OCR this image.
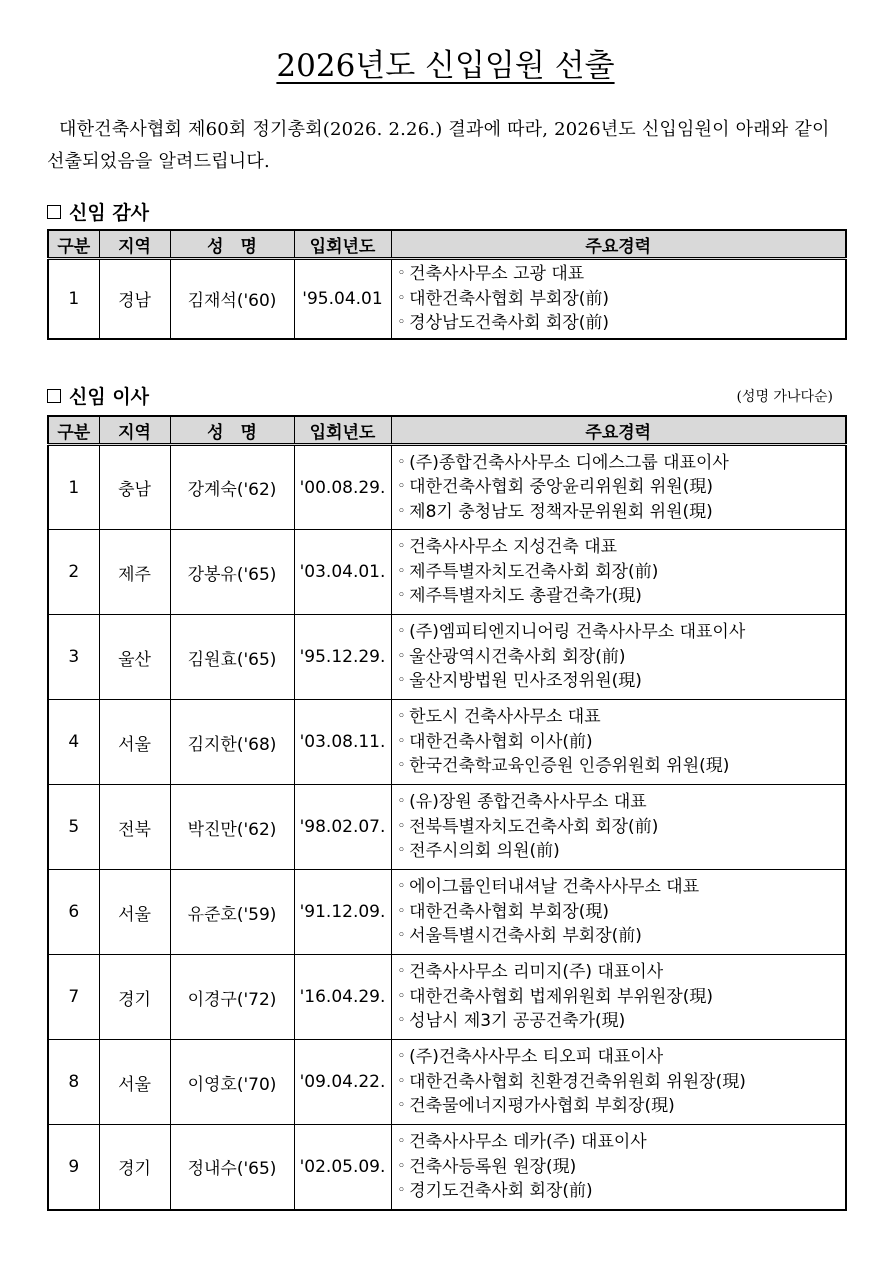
2026년도 신입임원 선출
대한건축사협회 제60회 정기총회(2026. 2.26.) 결과에 따라, 2026년도 신입임원이 아래와 같이 선출되었음을 알려드립니다.
신임 감사
구분	지역	성　명	입회년도	주요경력
1	경남	김재석('60)	'95.04.01	◦ 건축사사무소 고광 대표
◦ 대한건축사협회 부회장(前)
◦ 경상남도건축사회 회장(前)
신임 이사	(성명 가나다순)
구분	지역	성　명	입회년도	주요경력
1	충남	강계숙('62)	'00.08.29.	◦ (주)종합건축사사무소 디에스그룹 대표이사
◦ 대한건축사협회 중앙윤리위원회 위원(現)
◦ 제8기 충청남도 정책자문위원회 위원(現)

2	제주	강봉유('65)	'03.04.01.	◦ 건축사사무소 지성건축 대표
◦ 제주특별자치도건축사회 회장(前)
◦ 제주특별자치도 총괄건축가(現)

3	울산	김원효('65)	'95.12.29.	◦ (주)엠피티엔지니어링 건축사사무소 대표이사
◦ 울산광역시건축사회 회장(前)
◦ 울산지방법원 민사조정위원(現)

4	서울	김지한('68)	'03.08.11.	◦ 한도시 건축사사무소 대표
◦ 대한건축사협회 이사(前)
◦ 한국건축학교육인증원 인증위원회 위원(現)

5	전북	박진만('62)	'98.02.07.	◦ (유)장원 종합건축사사무소 대표
◦ 전북특별자치도건축사회 회장(前)
◦ 전주시의회 의원(前)

6	서울	유준호('59)	'91.12.09.	◦ 에이그룹인터내셔날 건축사사무소 대표
◦ 대한건축사협회 부회장(現)
◦ 서울특별시건축사회 부회장(前)

7	경기	이경구('72)	'16.04.29.	◦ 건축사사무소 리미지(주) 대표이사
◦ 대한건축사협회 법제위원회 부위원장(現)
◦ 성남시 제3기 공공건축가(現)

8	서울	이영호('70)	'09.04.22.	◦ (주)건축사사무소 티오피 대표이사
◦ 대한건축사협회 친환경건축위원회 위원장(現)
◦ 건축물에너지평가사협회 부회장(現)

9	경기	정내수('65)	'02.05.09.	◦ 건축사사무소 데카(주) 대표이사
◦ 건축사등록원 원장(現)
◦ 경기도건축사회 회장(前)
